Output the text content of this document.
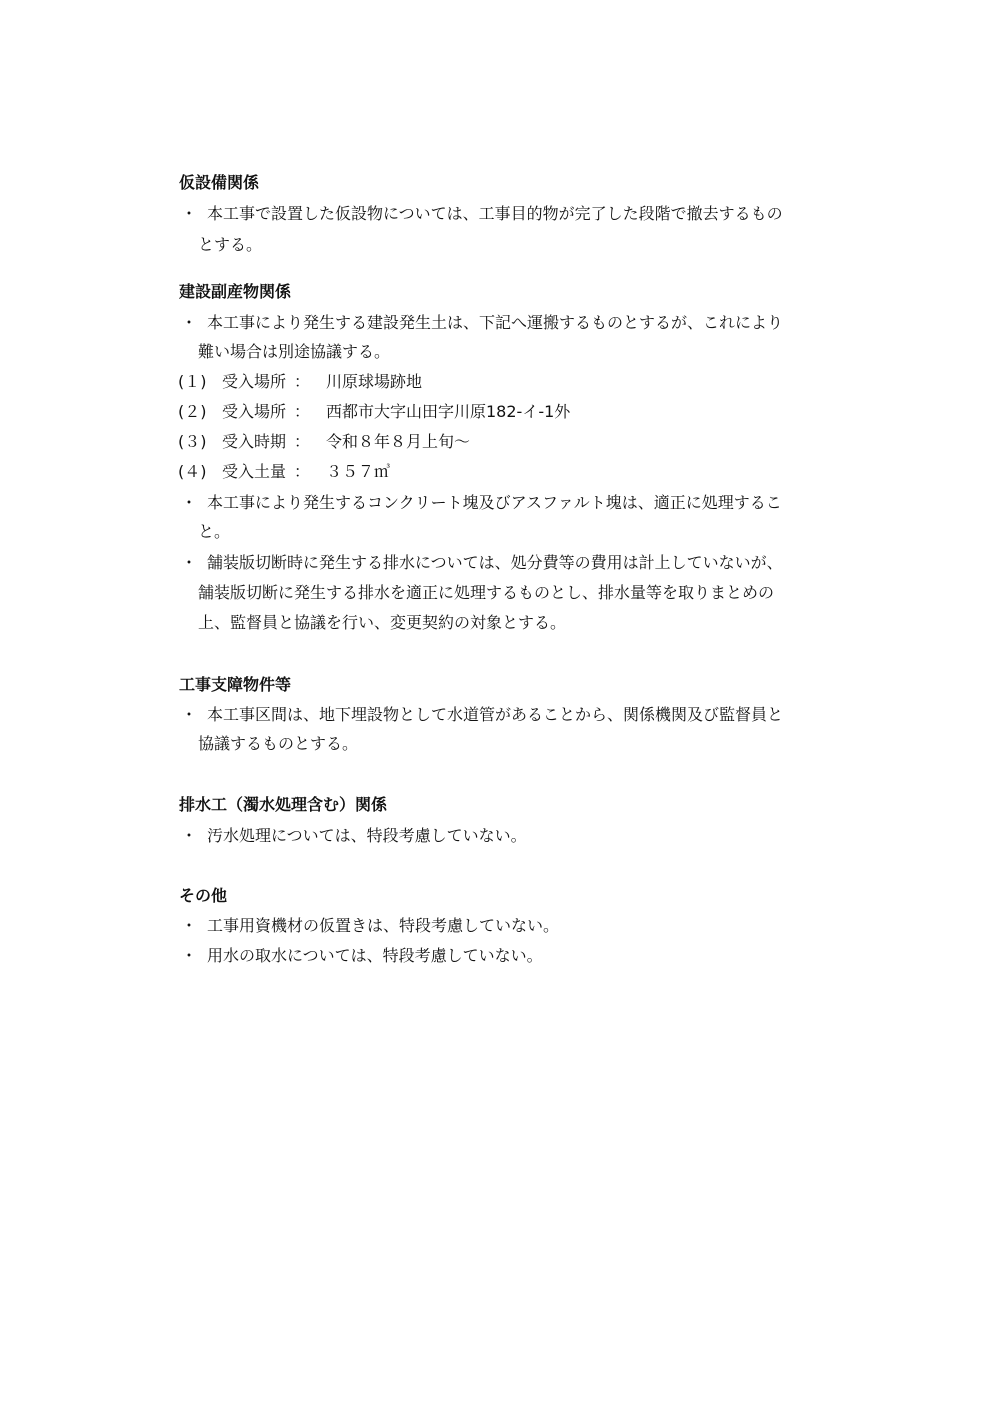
仮設備関係
・ 本工事で設置した仮設物については、工事目的物が完了した段階で撤去するもの
とする。
建設副産物関係
・ 本工事により発生する建設発生土は、下記へ運搬するものとするが、これにより
難い場合は別途協議する。
(１) 受入場所 ： 川原球場跡地
(２) 受入場所 ： 西都市大字山田字川原182-イ-1外
(３) 受入時期 ： 令和８年８月上旬～
(４) 受入土量 ： ３５７㎥
・ 本工事により発生するコンクリート塊及びアスファルト塊は、適正に処理するこ
と。
・ 舗装版切断時に発生する排水については、処分費等の費用は計上していないが、
舗装版切断に発生する排水を適正に処理するものとし、排水量等を取りまとめの
上、監督員と協議を行い、変更契約の対象とする。
工事支障物件等
・ 本工事区間は、地下埋設物として水道管があることから、関係機関及び監督員と
協議するものとする。
排水工（濁水処理含む）関係
・ 汚水処理については、特段考慮していない。
その他
・ 工事用資機材の仮置きは、特段考慮していない。
・ 用水の取水については、特段考慮していない。
